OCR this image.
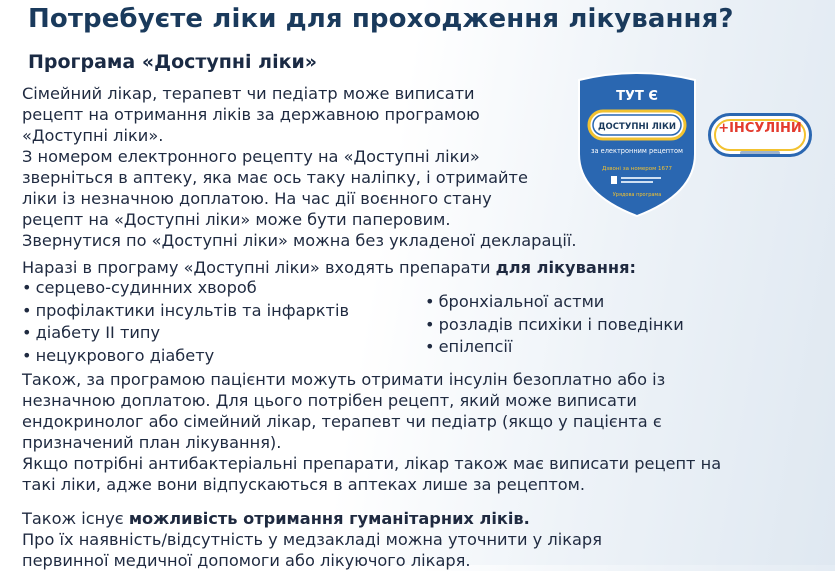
Потребуєте ліки для проходження лікування?
Програма «Доступні ліки»

Сімейний лікар, терапевт чи педіатр може виписати

рецепт на отримання ліків за державною програмою

«Доступні ліки».

З номером електронного рецепту на «Доступні ліки»

зверніться в аптеку, яка має ось таку наліпку, і отримайте

ліки із незначною доплатою. На час дії воєнного стану

рецепт на «Доступні ліки» може бути паперовим.

Звернутися по «Доступні ліки» можна без укладеної декларації.

Наразі в програму «Доступні ліки» входять препарати для лікування:

• серцево-судинних хвороб
• профілактики інсультів та інфарктів
• діабету II типу
• нецукрового діабету
• бронхіальної астми
• розладів психіки і поведінки
• епілепсії

Також, за програмою пацієнти можуть отримати інсулін безоплатно або із

незначною доплатою. Для цього потрібен рецепт, який може виписати

ендокринолог або сімейний лікар, терапевт чи педіатр (якщо у пацієнта є

призначений план лікування).

Якщо потрібні антибактеріальні препарати, лікар також має виписати рецепт на

такі ліки, адже вони відпускаються в аптеках лише за рецептом.

Також існує можливість отримання гуманітарних ліків.

Про їх наявність/відсутність у медзакладі можна уточнити у лікаря

первинної медичної допомоги або лікуючого лікаря.

ТУТ Є
ДОСТУПНІ ЛІКИ
за електронним рецептом
Дзвоні за номером 1677
Урядова програма
+ІНСУЛІНИ
